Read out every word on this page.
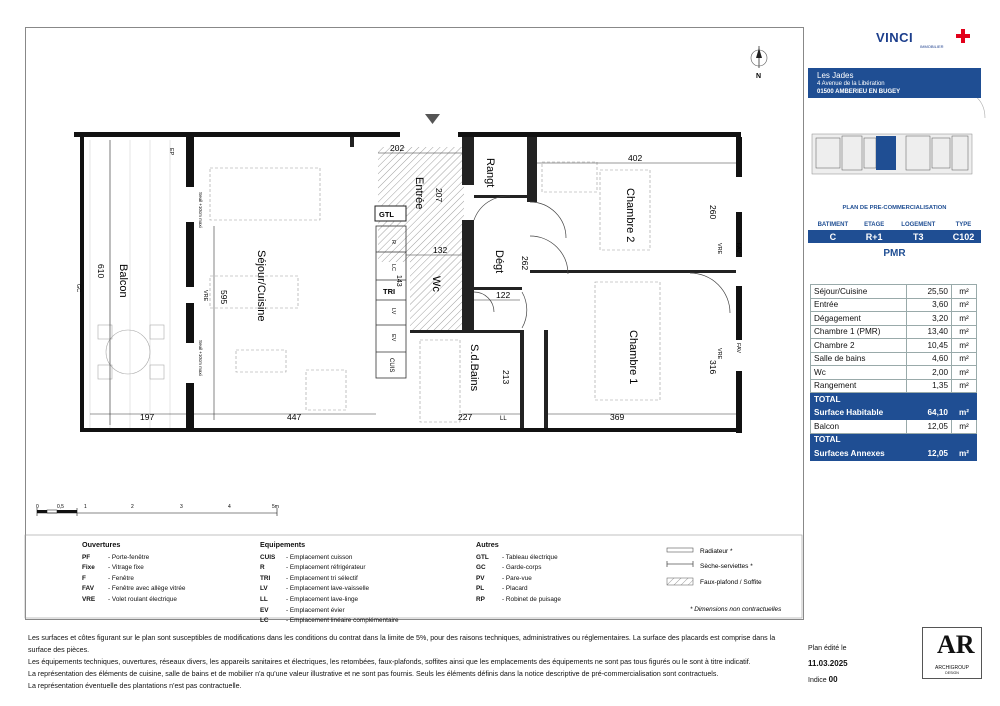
Séjour/Cuisine
Balcon
Entrée
Rangt
Chambre 2
Chambre 1
Dégt
Wc
S.d.Bains
202
207
402
260
132
143
262
122
213
316
610
595
197	447	227	369
GTL
R
LC
TRI
LV
EV
CUIS
LL
FAV
FAV
VRE
VRE
VRE
GC
EP
Seuil +10cm maxi
Seuil +10cm maxi
N
0	0,5	1	2	3	4	5m
Radiateur *
Sèche-serviettes *
Faux-plafond / Soffite
* Dimensions non contractuelles
Ouvertures
PF	- Porte-fenêtre
Fixe - Vitrage fixe
F	- Fenêtre
FAV - Fenêtre avec allège vitrée
VRE - Volet roulant électrique
Equipements
CUIS - Emplacement cuisson
R	- Emplacement réfrigérateur
TRI - Emplacement tri sélectif
LV	- Emplacement lave-vaisselle
LL	- Emplacement lave-linge
EV	- Emplacement évier
LC	- Emplacement linéaire complémentaire
Autres
GTL - Tableau électrique
GC	- Garde-corps
PV	- Pare-vue
PL	- Placard
RP	- Robinet de puisage
Les surfaces et côtes figurant sur le plan sont susceptibles de modifications dans les conditions du contrat dans la limite de 5%, pour des raisons techniques, administratives ou réglementaires. La surface des placards est comprise dans la surface des pièces.
Les équipements techniques, ouvertures, réseaux divers, les appareils sanitaires et électriques, les retombées, faux-plafonds, soffites ainsi que les emplacements des équipements ne sont pas tous figurés ou le sont à titre indicatif.
La représentation des éléments de cuisine, salle de bains et de mobilier n'a qu'une valeur illustrative et ne sont pas fournis. Seuls les éléments définis dans la notice descriptive de pré-commercialisation sont contractuels.
La représentation éventuelle des plantations n'est pas contractuelle.
VINCI
IMMOBILIER
Les Jades
4 Avenue de la Libération
01500 AMBERIEU EN BUGEY
PLAN DE PRE-COMMERCIALISATION
BATIMENT	ETAGE	LOGEMENT	TYPE
C	R+1	T3	C102
PMR
Séjour/Cuisine	25,50	m²
Entrée	3,60	m²
Dégagement	3,20	m²
Chambre 1 (PMR)	13,40	m²
Chambre 2	10,45	m²
Salle de bains	4,60	m²
Wc	2,00	m²
Rangement	1,35	m²
TOTAL		
Surface Habitable	64,10	m²
Balcon	12,05	m²
TOTAL		
Surfaces Annexes	12,05	m²
Plan édité le
11.03.2025
Indice 00
AR
ARCHIGROUP
DESIGN
